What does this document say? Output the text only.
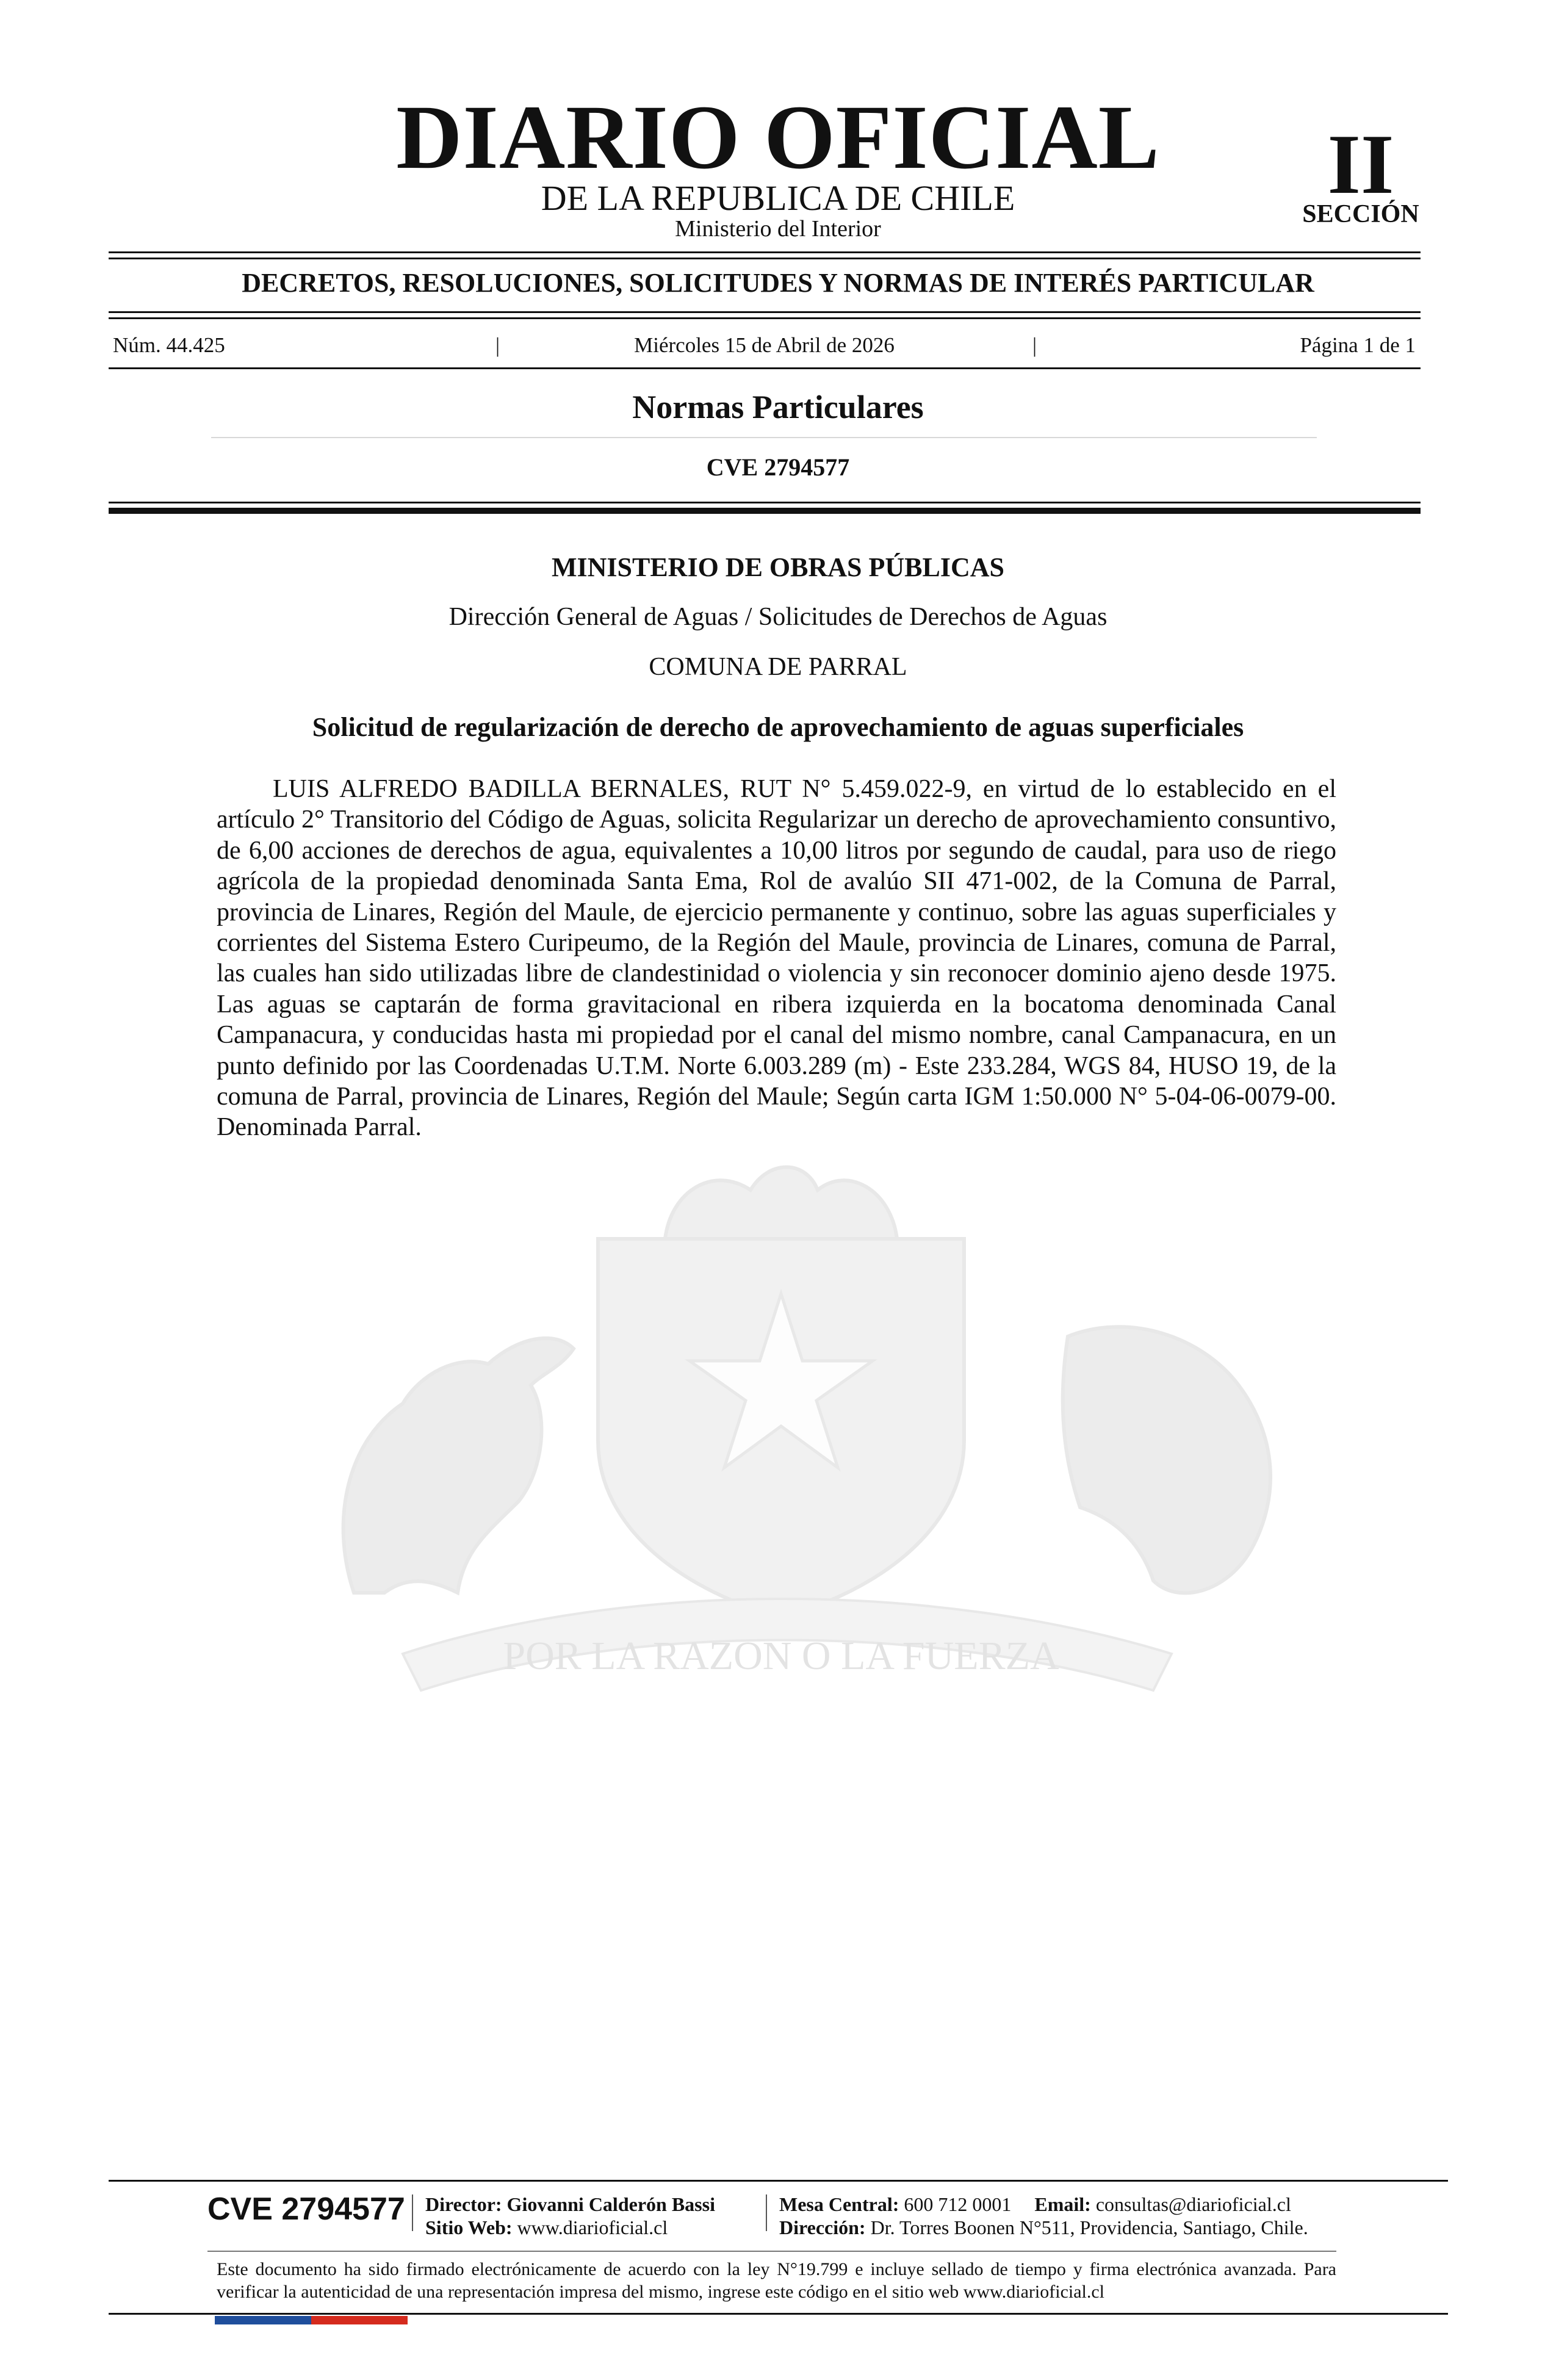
DIARIO OFICIAL
DE LA REPUBLICA DE CHILE
Ministerio del Interior
II
SECCIÓN
DECRETOS, RESOLUCIONES, SOLICITUDES Y NORMAS DE INTERÉS PARTICULAR
Núm. 44.425	|	Miércoles 15 de Abril de 2026	|	Página 1 de 1
Normas Particulares
CVE 2794577
POR LA RAZON O LA FUERZA
MINISTERIO DE OBRAS PÚBLICAS
Dirección General de Aguas / Solicitudes de Derechos de Aguas
COMUNA DE PARRAL
Solicitud de regularización de derecho de aprovechamiento de aguas superficiales
LUIS ALFREDO BADILLA BERNALES, RUT N° 5.459.022-9, en virtud de lo establecido en el artículo 2° Transitorio del Código de Aguas, solicita Regularizar un derecho de aprovechamiento consuntivo, de 6,00 acciones de derechos de agua, equivalentes a 10,00 litros por segundo de caudal, para uso de riego agrícola de la propiedad denominada Santa Ema, Rol de avalúo SII 471-002, de la Comuna de Parral, provincia de Linares, Región del Maule, de ejercicio permanente y continuo, sobre las aguas superficiales y corrientes del Sistema Estero Curipeumo, de la Región del Maule, provincia de Linares, comuna de Parral, las cuales han sido utilizadas libre de clandestinidad o violencia y sin reconocer dominio ajeno desde 1975. Las aguas se captarán de forma gravitacional en ribera izquierda en la bocatoma denominada Canal Campanacura, y conducidas hasta mi propiedad por el canal del mismo nombre, canal Campanacura, en un punto definido por las Coordenadas U.T.M. Norte 6.003.289 (m) - Este 233.284, WGS 84, HUSO 19, de la comuna de Parral, provincia de Linares, Región del Maule; Según carta IGM 1:50.000 N° 5-04-06-0079-00. Denominada Parral.
CVE 2794577 Director: Giovanni Calderón Bassi
Sitio Web: www.diarioficial.cl
Mesa Central: 600 712 0001 Email: consultas@diarioficial.cl
Dirección: Dr. Torres Boonen N°511, Providencia, Santiago, Chile.
Este documento ha sido firmado electrónicamente de acuerdo con la ley N°19.799 e incluye sellado de tiempo y firma electrónica avanzada. Para verificar la autenticidad de una representación impresa del mismo, ingrese este código en el sitio web www.diarioficial.cl
